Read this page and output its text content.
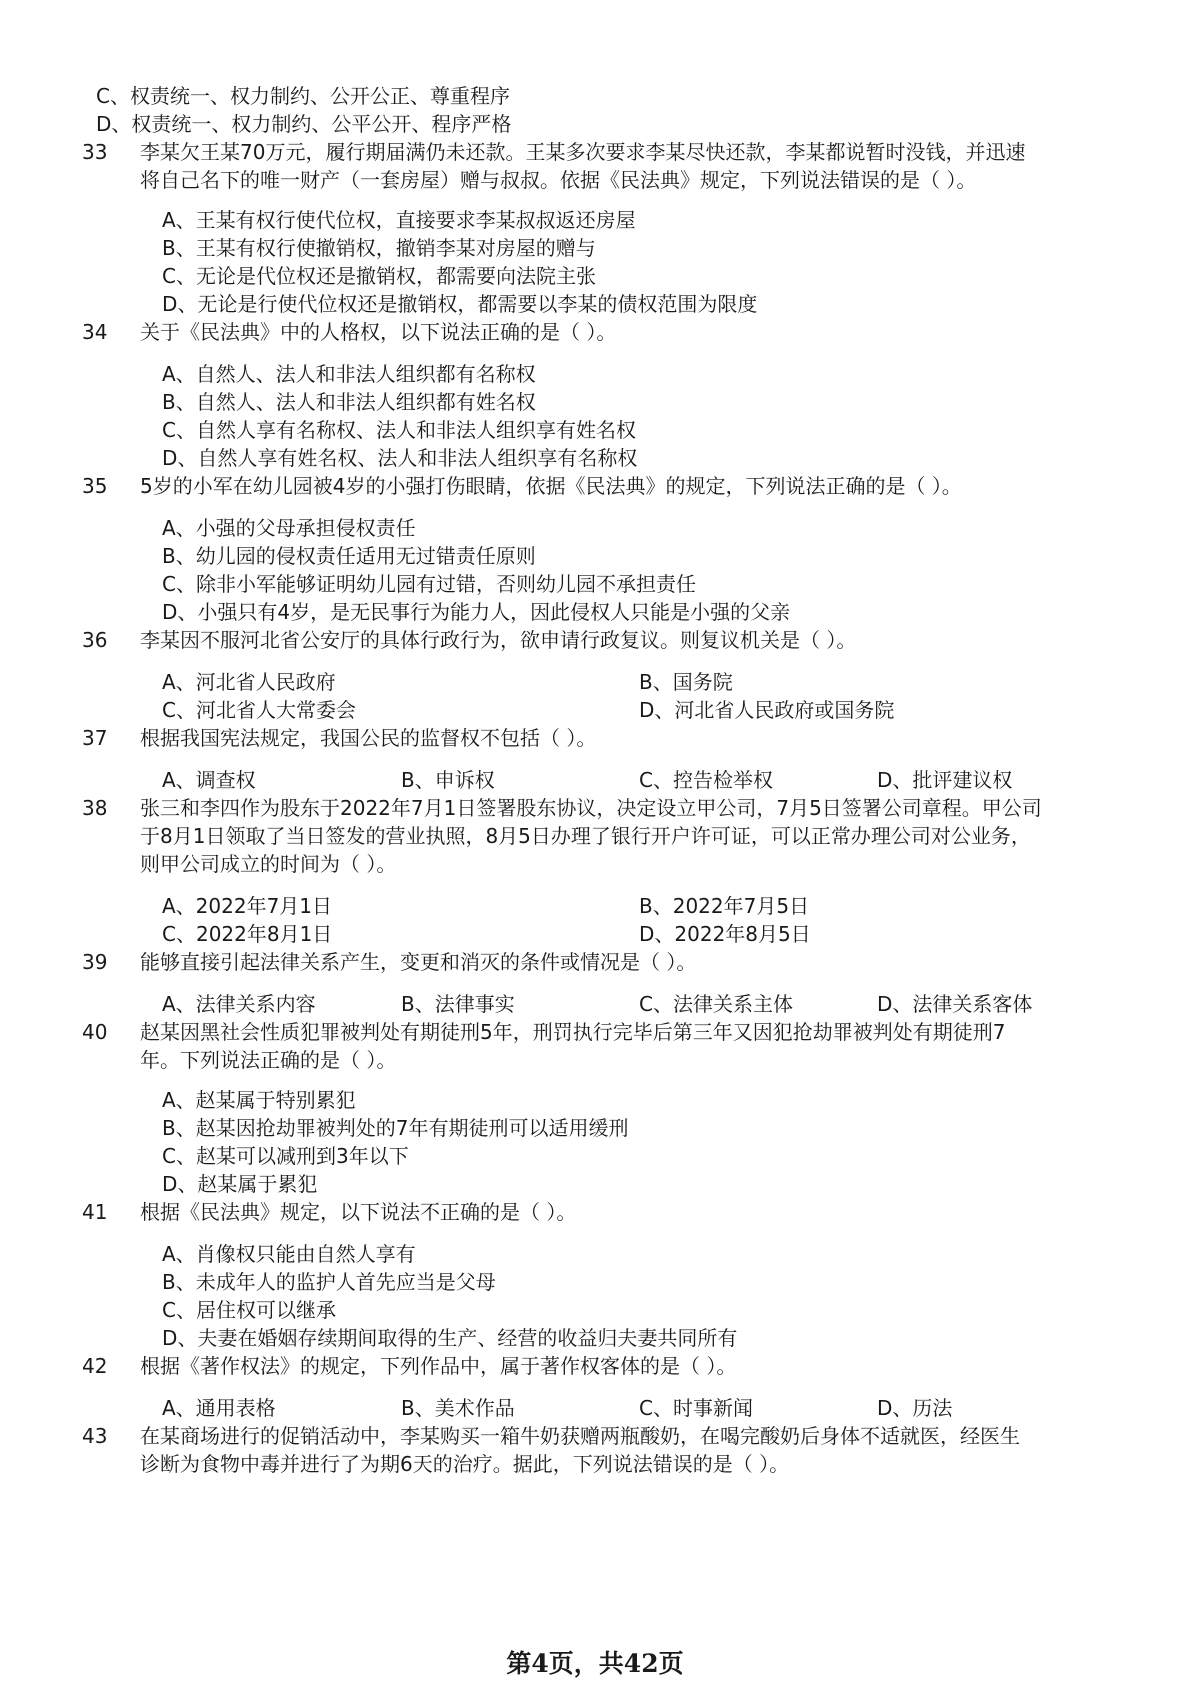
C、权责统一、权力制约、公开公正、尊重程序
D、权责统一、权力制约、公平公开、程序严格
33	李某欠王某70万元，履行期届满仍未还款。王某多次要求李某尽快还款，李某都说暂时没钱，并迅速
将自己名下的唯一财产（一套房屋）赠与叔叔。依据《民法典》规定，下列说法错误的是（ ）。
A、王某有权行使代位权，直接要求李某叔叔返还房屋
B、王某有权行使撤销权，撤销李某对房屋的赠与
C、无论是代位权还是撤销权，都需要向法院主张
D、无论是行使代位权还是撤销权，都需要以李某的债权范围为限度
34	关于《民法典》中的人格权，以下说法正确的是（ ）。
A、自然人、法人和非法人组织都有名称权
B、自然人、法人和非法人组织都有姓名权
C、自然人享有名称权、法人和非法人组织享有姓名权
D、自然人享有姓名权、法人和非法人组织享有名称权
35	5岁的小军在幼儿园被4岁的小强打伤眼睛，依据《民法典》的规定，下列说法正确的是（ ）。
A、小强的父母承担侵权责任
B、幼儿园的侵权责任适用无过错责任原则
C、除非小军能够证明幼儿园有过错，否则幼儿园不承担责任
D、小强只有4岁，是无民事行为能力人，因此侵权人只能是小强的父亲
36	李某因不服河北省公安厅的具体行政行为，欲申请行政复议。则复议机关是（ ）。
A、河北省人民政府	B、国务院
C、河北省人大常委会	D、河北省人民政府或国务院
37	根据我国宪法规定，我国公民的监督权不包括（ ）。
A、调查权	B、申诉权	C、控告检举权	D、批评建议权
38	张三和李四作为股东于2022年7月1日签署股东协议，决定设立甲公司，7月5日签署公司章程。甲公司
于8月1日领取了当日签发的营业执照，8月5日办理了银行开户许可证，可以正常办理公司对公业务，
则甲公司成立的时间为（ ）。
A、2022年7月1日	B、2022年7月5日
C、2022年8月1日	D、2022年8月5日
39	能够直接引起法律关系产生，变更和消灭的条件或情况是（ ）。
A、法律关系内容	B、法律事实	C、法律关系主体	D、法律关系客体
40	赵某因黑社会性质犯罪被判处有期徒刑5年，刑罚执行完毕后第三年又因犯抢劫罪被判处有期徒刑7
年。下列说法正确的是（ ）。
A、赵某属于特别累犯
B、赵某因抢劫罪被判处的7年有期徒刑可以适用缓刑
C、赵某可以减刑到3年以下
D、赵某属于累犯
41	根据《民法典》规定，以下说法不正确的是（ ）。
A、肖像权只能由自然人享有
B、未成年人的监护人首先应当是父母
C、居住权可以继承
D、夫妻在婚姻存续期间取得的生产、经营的收益归夫妻共同所有
42	根据《著作权法》的规定，下列作品中，属于著作权客体的是（ ）。
A、通用表格	B、美术作品	C、时事新闻	D、历法
43	在某商场进行的促销活动中，李某购买一箱牛奶获赠两瓶酸奶，在喝完酸奶后身体不适就医，经医生
诊断为食物中毒并进行了为期6天的治疗。据此，下列说法错误的是（ ）。
第4页，共42页
